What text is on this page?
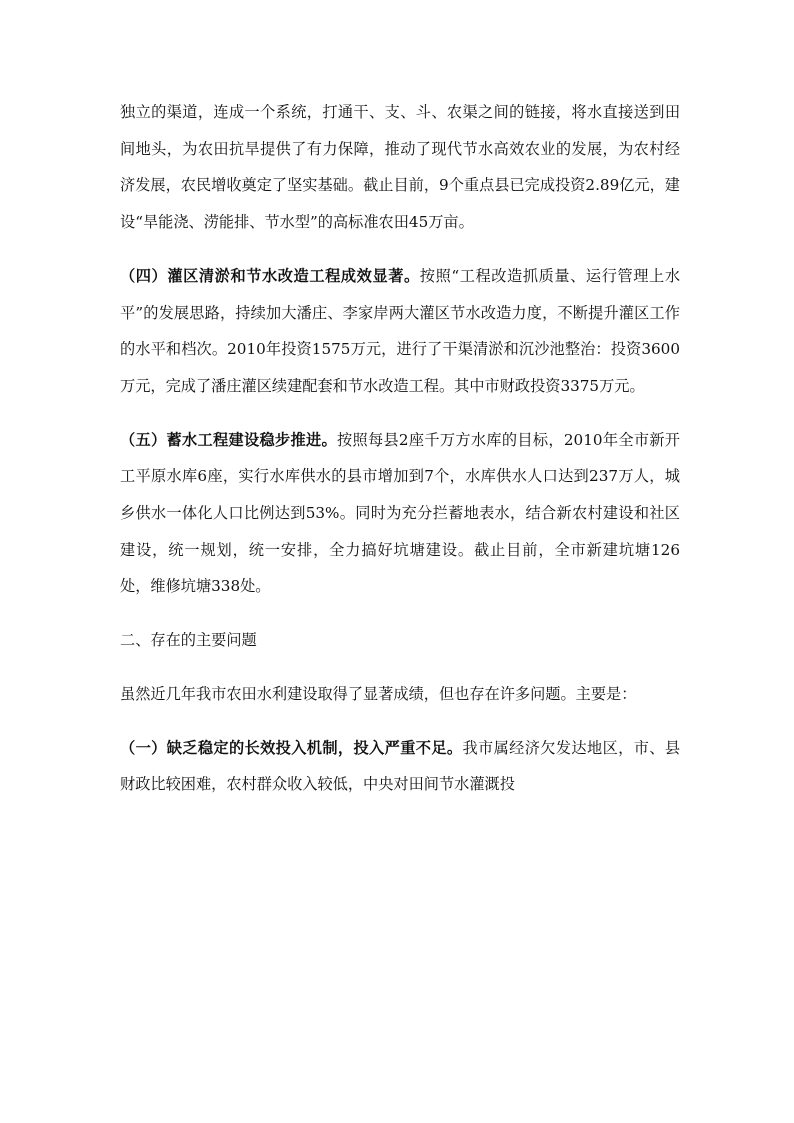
独立的渠道，连成一个系统，打通干、支、斗、农渠之间的链接，将水直接送到田间地头，为农田抗旱提供了有力保障，推动了现代节水高效农业的发展，为农村经济发展，农民增收奠定了坚实基础。截止目前，9个重点县已完成投资2.89亿元，建设“旱能浇、涝能排、节水型”的高标准农田45万亩。

（四）灌区清淤和节水改造工程成效显著。按照“工程改造抓质量、运行管理上水平”的发展思路，持续加大潘庄、李家岸两大灌区节水改造力度，不断提升灌区工作的水平和档次。2010年投资1575万元，进行了干渠清淤和沉沙池整治：投资3600万元，完成了潘庄灌区续建配套和节水改造工程。其中市财政投资3375万元。

（五）蓄水工程建设稳步推进。按照每县2座千万方水库的目标，2010年全市新开工平原水库6座，实行水库供水的县市增加到7个，水库供水人口达到237万人，城乡供水一体化人口比例达到53%。同时为充分拦蓄地表水，结合新农村建设和社区建设，统一规划，统一安排，全力搞好坑塘建设。截止目前，全市新建坑塘126处，维修坑塘338处。

二、存在的主要问题

虽然近几年我市农田水利建设取得了显著成绩，但也存在许多问题。主要是：

（一）缺乏稳定的长效投入机制，投入严重不足。我市属经济欠发达地区，市、县财政比较困难，农村群众收入较低，中央对田间节水灌溉投
